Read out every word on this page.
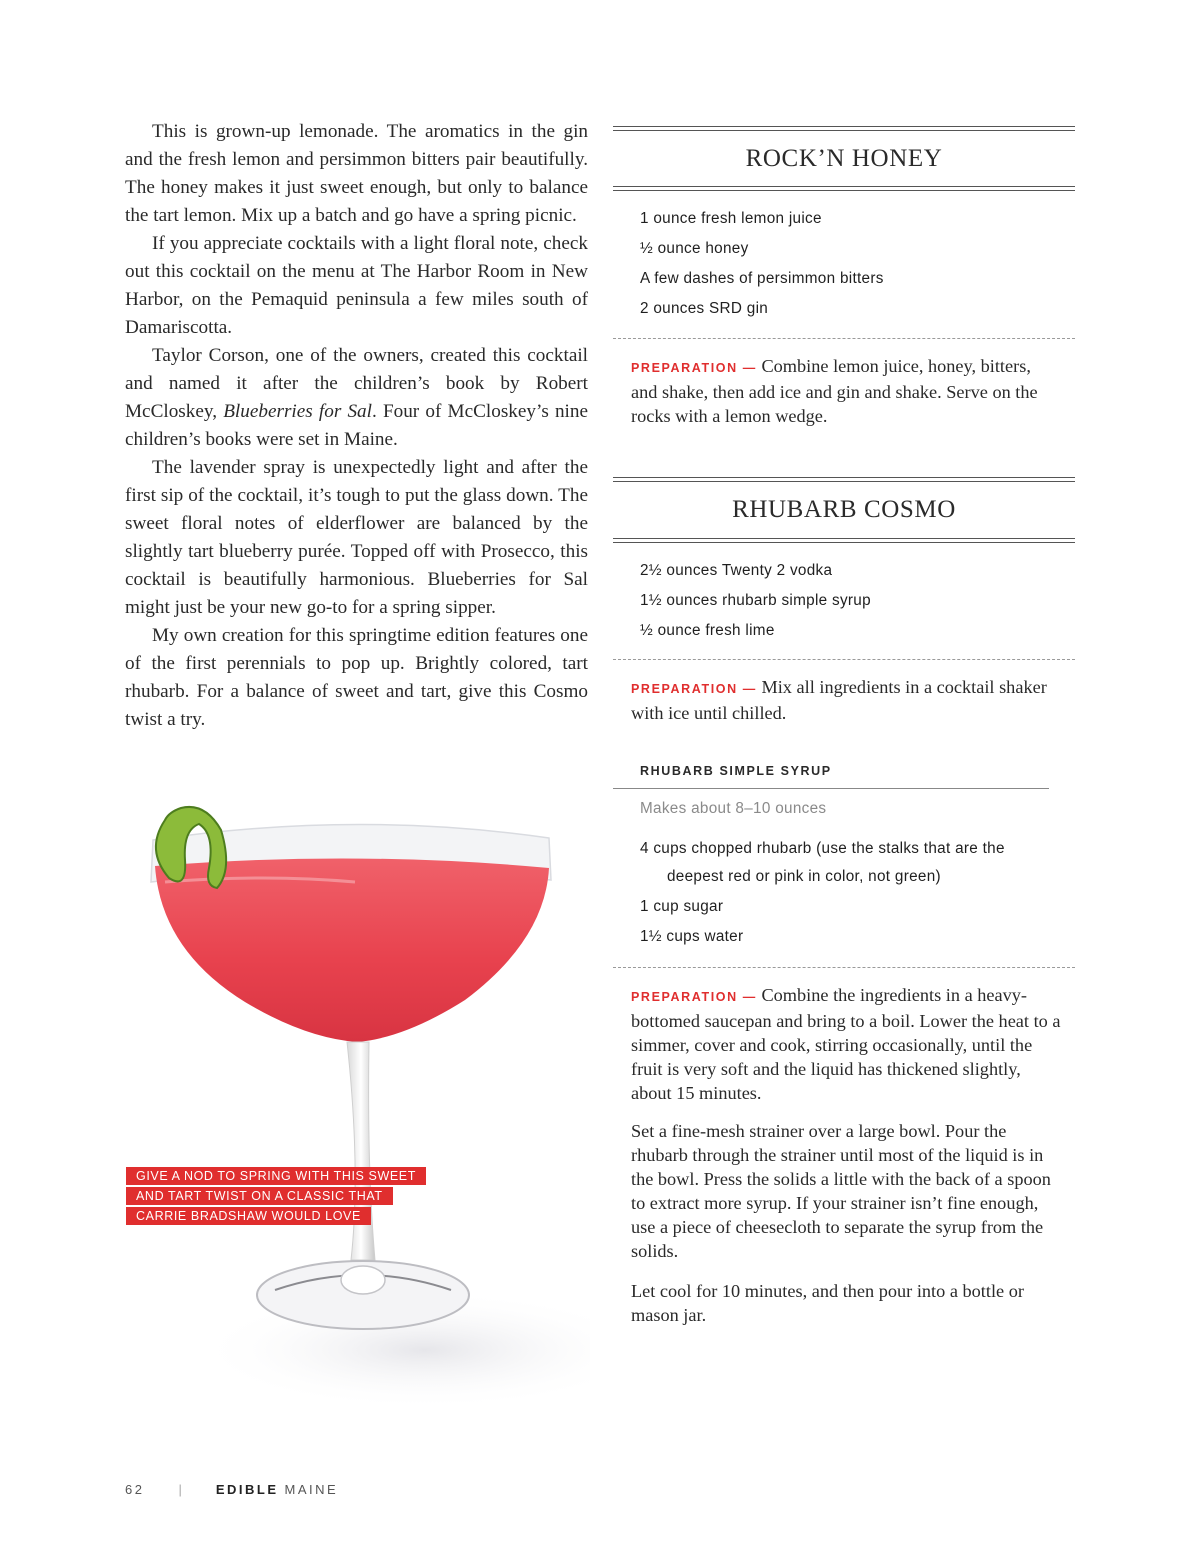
This is grown-up lemonade. The aromatics in the gin and the fresh lemon and persimmon bitters pair beautifully. The honey makes it just sweet enough, but only to balance the tart lemon. Mix up a batch and go have a spring picnic.

If you appreciate cocktails with a light floral note, check out this cocktail on the menu at The Harbor Room in New Harbor, on the Pemaquid peninsula a few miles south of Damariscotta.

Taylor Corson, one of the owners, created this cocktail and named it after the children’s book by Robert McCloskey, Blueberries for Sal. Four of McCloskey’s nine children’s books were set in Maine.

The lavender spray is unexpectedly light and after the first sip of the cocktail, it’s tough to put the glass down. The sweet floral notes of elderflower are balanced by the slightly tart blueberry purée. Topped off with Prosecco, this cocktail is beautifully harmonious. Blueberries for Sal might just be your new go-to for a spring sipper.

My own creation for this springtime edition features one of the first perennials to pop up. Brightly colored, tart rhubarb. For a balance of sweet and tart, give this Cosmo twist a try.

GIVE A NOD TO SPRING WITH THIS SWEET AND TART TWIST ON A CLASSIC THAT CARRIE BRADSHAW WOULD LOVE
ROCK’N HONEY
1 ounce fresh lemon juice
½ ounce honey
A few dashes of persimmon bitters
2 ounces SRD gin

PREPARATION — Combine lemon juice, honey, bitters, and shake, then add ice and gin and shake. Serve on the rocks with a lemon wedge.

RHUBARB COSMO
2½ ounces Twenty 2 vodka
1½ ounces rhubarb simple syrup
½ ounce fresh lime

PREPARATION — Mix all ingredients in a cocktail shaker with ice until chilled.

RHUBARB SIMPLE SYRUP
Makes about 8–10 ounces
4 cups chopped rhubarb (use the stalks that are the
deepest red or pink in color, not green)
1 cup sugar
1½ cups water

PREPARATION — Combine the ingredients in a heavy-bottomed saucepan and bring to a boil. Lower the heat to a simmer, cover and cook, stirring occasionally, until the fruit is very soft and the liquid has thickened slightly, about 15 minutes.

Set a fine-mesh strainer over a large bowl. Pour the rhubarb through the strainer until most of the liquid is in the bowl. Press the solids a little with the back of a spoon to extract more syrup. If your strainer isn’t fine enough, use a piece of cheesecloth to separate the syrup from the solids.

Let cool for 10 minutes, and then pour into a bottle or mason jar.

62	|	EDIBLE MAINE
